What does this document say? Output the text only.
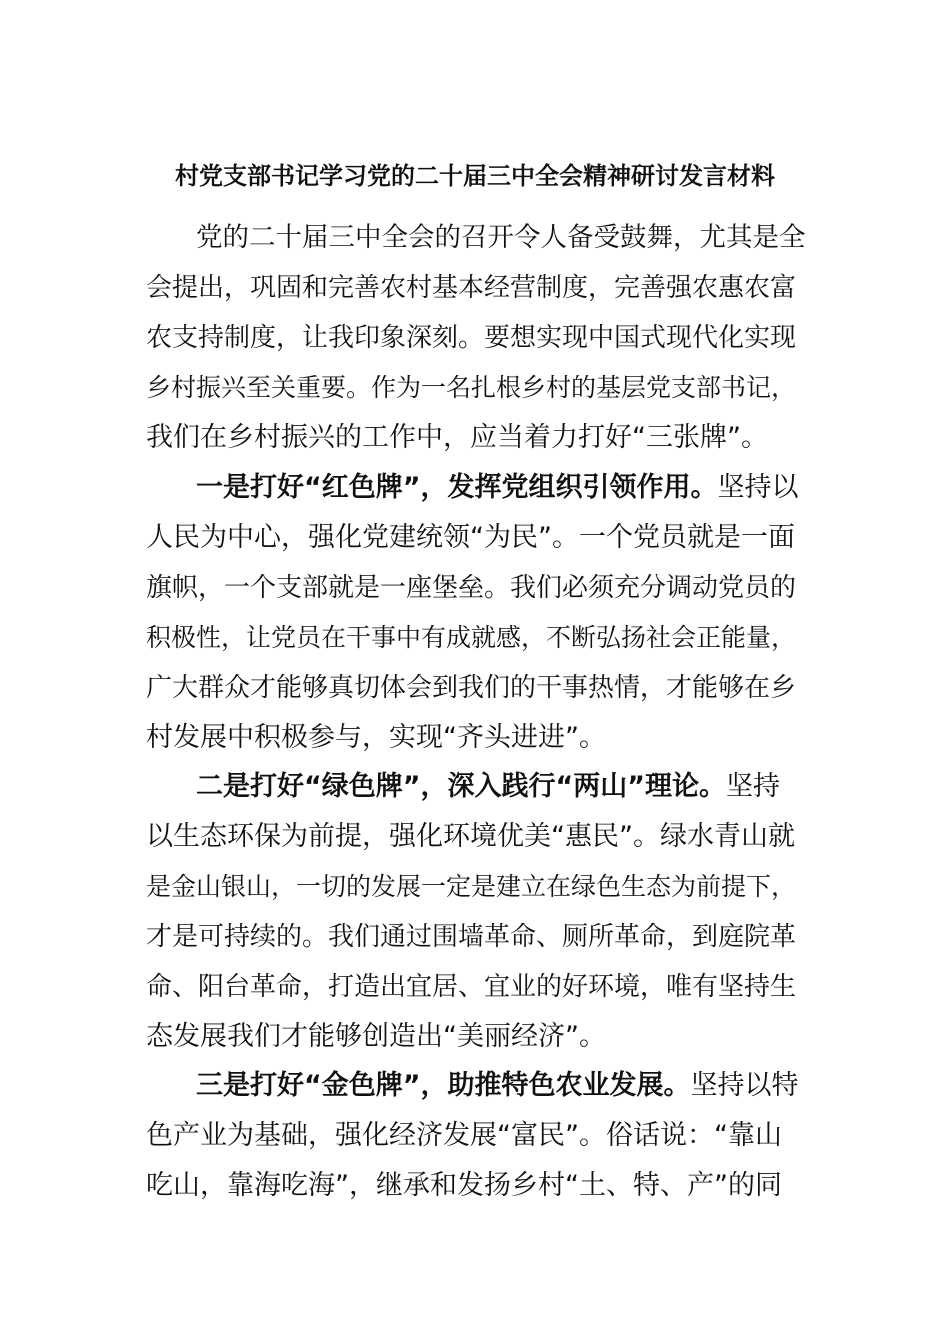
村党支部书记学习党的二十届三中全会精神研讨发言材料

党的二十届三中全会的召开令人备受鼓舞，尤其是全

会提出，巩固和完善农村基本经营制度，完善强农惠农富

农支持制度，让我印象深刻。要想实现中国式现代化实现

乡村振兴至关重要。作为一名扎根乡村的基层党支部书记，

我们在乡村振兴的工作中，应当着力打好“三张牌”。

一是打好“红色牌”，发挥党组织引领作用。坚持以

人民为中心，强化党建统领“为民”。一个党员就是一面

旗帜，一个支部就是一座堡垒。我们必须充分调动党员的

积极性，让党员在干事中有成就感，不断弘扬社会正能量，

广大群众才能够真切体会到我们的干事热情，才能够在乡

村发展中积极参与，实现“齐头进进”。

二是打好“绿色牌”，深入践行“两山”理论。坚持

以生态环保为前提，强化环境优美“惠民”。绿水青山就

是金山银山，一切的发展一定是建立在绿色生态为前提下，

才是可持续的。我们通过围墙革命、厕所革命，到庭院革

命、阳台革命，打造出宜居、宜业的好环境，唯有坚持生

态发展我们才能够创造出“美丽经济”。

三是打好“金色牌”，助推特色农业发展。坚持以特

色产业为基础，强化经济发展“富民”。俗话说：“靠山

吃山，靠海吃海”，继承和发扬乡村“土、特、产”的同
